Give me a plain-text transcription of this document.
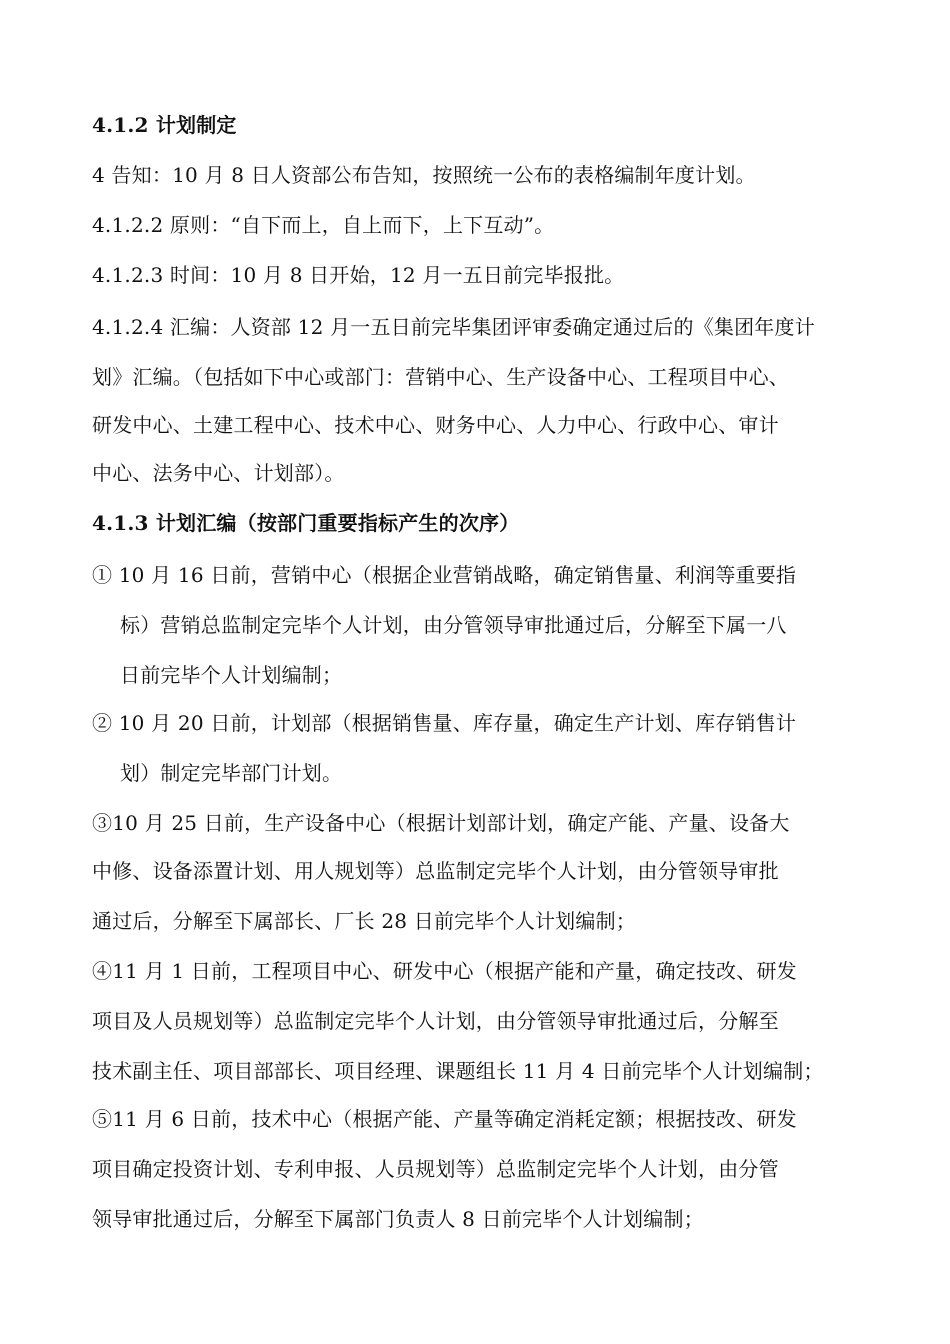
4.1.2 计划制定
4 告知：10 月 8 日人资部公布告知，按照统一公布的表格编制年度计划。
4.1.2.2 原则：“自下而上，自上而下，上下互动”。
4.1.2.3 时间：10 月 8 日开始，12 月一五日前完毕报批。
4.1.2.4 汇编：人资部 12 月一五日前完毕集团评审委确定通过后的《集团年度计
划》汇编。（包括如下中心或部门：营销中心、生产设备中心、工程项目中心、
研发中心、土建工程中心、技术中心、财务中心、人力中心、行政中心、审计
中心、法务中心、计划部）。
4.1.3 计划汇编（按部门重要指标产生的次序）
① 10 月 16 日前，营销中心（根据企业营销战略，确定销售量、利润等重要指
标）营销总监制定完毕个人计划，由分管领导审批通过后，分解至下属一八
日前完毕个人计划编制；
② 10 月 20 日前，计划部（根据销售量、库存量，确定生产计划、库存销售计
划）制定完毕部门计划。
③10 月 25 日前，生产设备中心（根据计划部计划，确定产能、产量、设备大
中修、设备添置计划、用人规划等）总监制定完毕个人计划，由分管领导审批
通过后，分解至下属部长、厂长 28 日前完毕个人计划编制；
④11 月 1 日前，工程项目中心、研发中心（根据产能和产量，确定技改、研发
项目及人员规划等）总监制定完毕个人计划，由分管领导审批通过后，分解至
技术副主任、项目部部长、项目经理、课题组长 11 月 4 日前完毕个人计划编制；
⑤11 月 6 日前，技术中心（根据产能、产量等确定消耗定额；根据技改、研发
项目确定投资计划、专利申报、人员规划等）总监制定完毕个人计划，由分管
领导审批通过后，分解至下属部门负责人 8 日前完毕个人计划编制；
